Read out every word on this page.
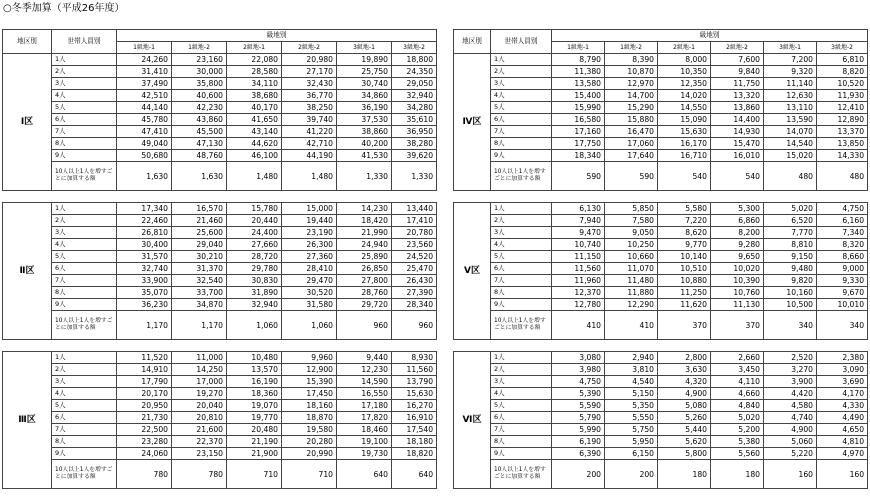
○冬季加算（平成26年度）
地区別	世帯人員別	級地別					
		1級地-1	1級地-2	2級地-1	2級地-2	3級地-1	3級地-2
Ⅰ区	1人	24,260	23,160	22,080	20,980	19,890	18,800
	2人	31,410	30,000	28,580	27,170	25,750	24,350
	3人	37,490	35,800	34,110	32,430	30,740	29,050
	4人	42,510	40,600	38,680	36,770	34,860	32,940
	5人	44,140	42,230	40,170	38,250	36,190	34,280
	6人	45,780	43,860	41,650	39,740	37,530	35,610
	7人	47,410	45,500	43,140	41,220	38,860	36,950
	8人	49,040	47,130	44,620	42,710	40,200	38,280
	9人	50,680	48,760	46,100	44,190	41,530	39,620
	10人以上1人を増すごとに加算する額	1,630	1,630	1,480	1,480	1,330	1,330

Ⅱ区	1人	17,340	16,570	15,780	15,000	14,230	13,440
	2人	22,460	21,460	20,440	19,440	18,420	17,410
	3人	26,810	25,600	24,400	23,190	21,990	20,780
	4人	30,400	29,040	27,660	26,300	24,940	23,560
	5人	31,570	30,210	28,720	27,360	25,890	24,520
	6人	32,740	31,370	29,780	28,410	26,850	25,470
	7人	33,900	32,540	30,830	29,470	27,800	26,430
	8人	35,070	33,700	31,890	30,520	28,760	27,390
	9人	36,230	34,870	32,940	31,580	29,720	28,340
	10人以上1人を増すごとに加算する額	1,170	1,170	1,060	1,060	960	960

Ⅲ区	1人	11,520	11,000	10,480	9,960	9,440	8,930
	2人	14,910	14,250	13,570	12,900	12,230	11,560
	3人	17,790	17,000	16,190	15,390	14,590	13,790
	4人	20,170	19,270	18,360	17,450	16,550	15,630
	5人	20,950	20,040	19,070	18,160	17,180	16,270
	6人	21,730	20,810	19,770	18,870	17,820	16,910
	7人	22,500	21,600	20,480	19,580	18,460	17,540
	8人	23,280	22,370	21,190	20,280	19,100	18,180
	9人	24,060	23,150	21,900	20,990	19,730	18,820
	10人以上1人を増すごとに加算する額	780	780	710	710	640	640
地区別	世帯人員別	級地別					
		1級地-1	1級地-2	2級地-1	2級地-2	3級地-1	3級地-2
Ⅳ区	1人	8,790	8,390	8,000	7,600	7,200	6,810
	2人	11,380	10,870	10,350	9,840	9,320	8,820
	3人	13,580	12,970	12,350	11,750	11,140	10,520
	4人	15,400	14,700	14,020	13,320	12,630	11,930
	5人	15,990	15,290	14,550	13,860	13,110	12,410
	6人	16,580	15,880	15,090	14,400	13,590	12,890
	7人	17,160	16,470	15,630	14,930	14,070	13,370
	8人	17,750	17,060	16,170	15,470	14,540	13,850
	9人	18,340	17,640	16,710	16,010	15,020	14,330
	10人以上1人を増すごとに加算する額	590	590	540	540	480	480

Ⅴ区	1人	6,130	5,850	5,580	5,300	5,020	4,750
	2人	7,940	7,580	7,220	6,860	6,520	6,160
	3人	9,470	9,050	8,620	8,200	7,770	7,340
	4人	10,740	10,250	9,770	9,280	8,810	8,320
	5人	11,150	10,660	10,140	9,650	9,150	8,660
	6人	11,560	11,070	10,510	10,020	9,480	9,000
	7人	11,960	11,480	10,880	10,390	9,820	9,330
	8人	12,370	11,880	11,250	10,760	10,160	9,670
	9人	12,780	12,290	11,620	11,130	10,500	10,010
	10人以上1人を増すごとに加算する額	410	410	370	370	340	340

Ⅵ区	1人	3,080	2,940	2,800	2,660	2,520	2,380
	2人	3,980	3,810	3,630	3,450	3,270	3,090
	3人	4,750	4,540	4,320	4,110	3,900	3,690
	4人	5,390	5,150	4,900	4,660	4,420	4,170
	5人	5,590	5,350	5,080	4,840	4,580	4,330
	6人	5,790	5,550	5,260	5,020	4,740	4,490
	7人	5,990	5,750	5,440	5,200	4,900	4,650
	8人	6,190	5,950	5,620	5,380	5,060	4,810
	9人	6,390	6,150	5,800	5,560	5,220	4,970
	10人以上1人を増すごとに加算する額	200	200	180	180	160	160
